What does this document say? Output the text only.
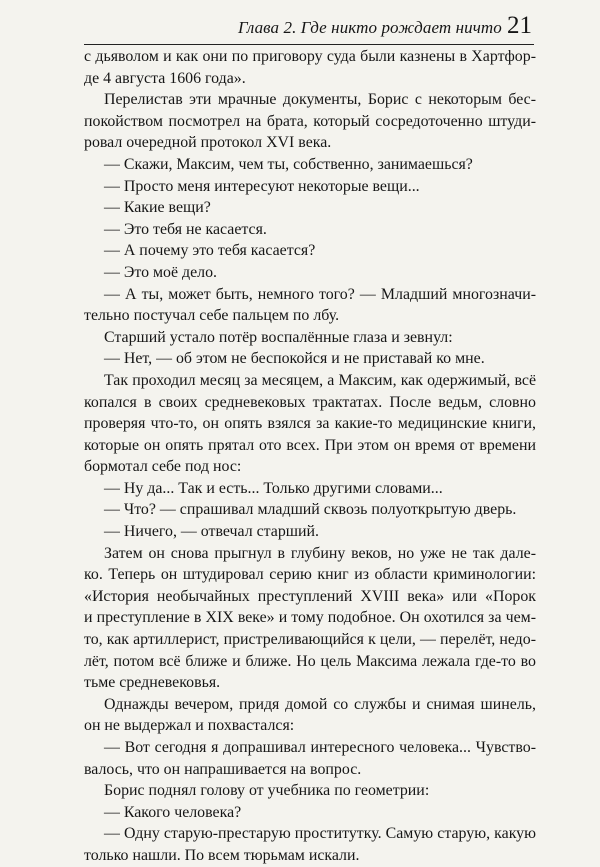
Глава 2. Где никто рождает ничто 21
с дьяволом и как они по приговору суда были казнены в Хартфор-
де 4 августа 1606 года».
Перелистав эти мрачные документы, Борис с некоторым бес-
покойством посмотрел на брата, который сосредоточенно штуди-
ровал очередной протокол XVI века.
— Скажи, Максим, чем ты, собственно, занимаешься?
— Просто меня интересуют некоторые вещи...
— Какие вещи?
— Это тебя не касается.
— А почему это тебя касается?
— Это моё дело.
— А ты, может быть, немного того? — Младший многозначи-
тельно постучал себе пальцем по лбу.
Старший устало потёр воспалённые глаза и зевнул:
— Нет, — об этом не беспокойся и не приставай ко мне.
Так проходил месяц за месяцем, а Максим, как одержимый, всё
копался в своих средневековых трактатах. После ведьм, словно
проверяя что-то, он опять взялся за какие-то медицинские книги,
которые он опять прятал ото всех. При этом он время от времени
бормотал себе под нос:
— Ну да... Так и есть... Только другими словами...
— Что? — спрашивал младший сквозь полуоткрытую дверь.
— Ничего, — отвечал старший.
Затем он снова прыгнул в глубину веков, но уже не так дале-
ко. Теперь он штудировал серию книг из области криминологии:
«История необычайных преступлений XVIII века» или «Порок
и преступление в XIX веке» и тому подобное. Он охотился за чем-
то, как артиллерист, пристреливающийся к цели, — перелёт, недо-
лёт, потом всё ближе и ближе. Но цель Максима лежала где-то во
тьме средневековья.
Однажды вечером, придя домой со службы и снимая шинель,
он не выдержал и похвастался:
— Вот сегодня я допрашивал интересного человека... Чувство-
валось, что он напрашивается на вопрос.
Борис поднял голову от учебника по геометрии:
— Какого человека?
— Одну старую-престарую проститутку. Самую старую, какую
только нашли. По всем тюрьмам искали.
